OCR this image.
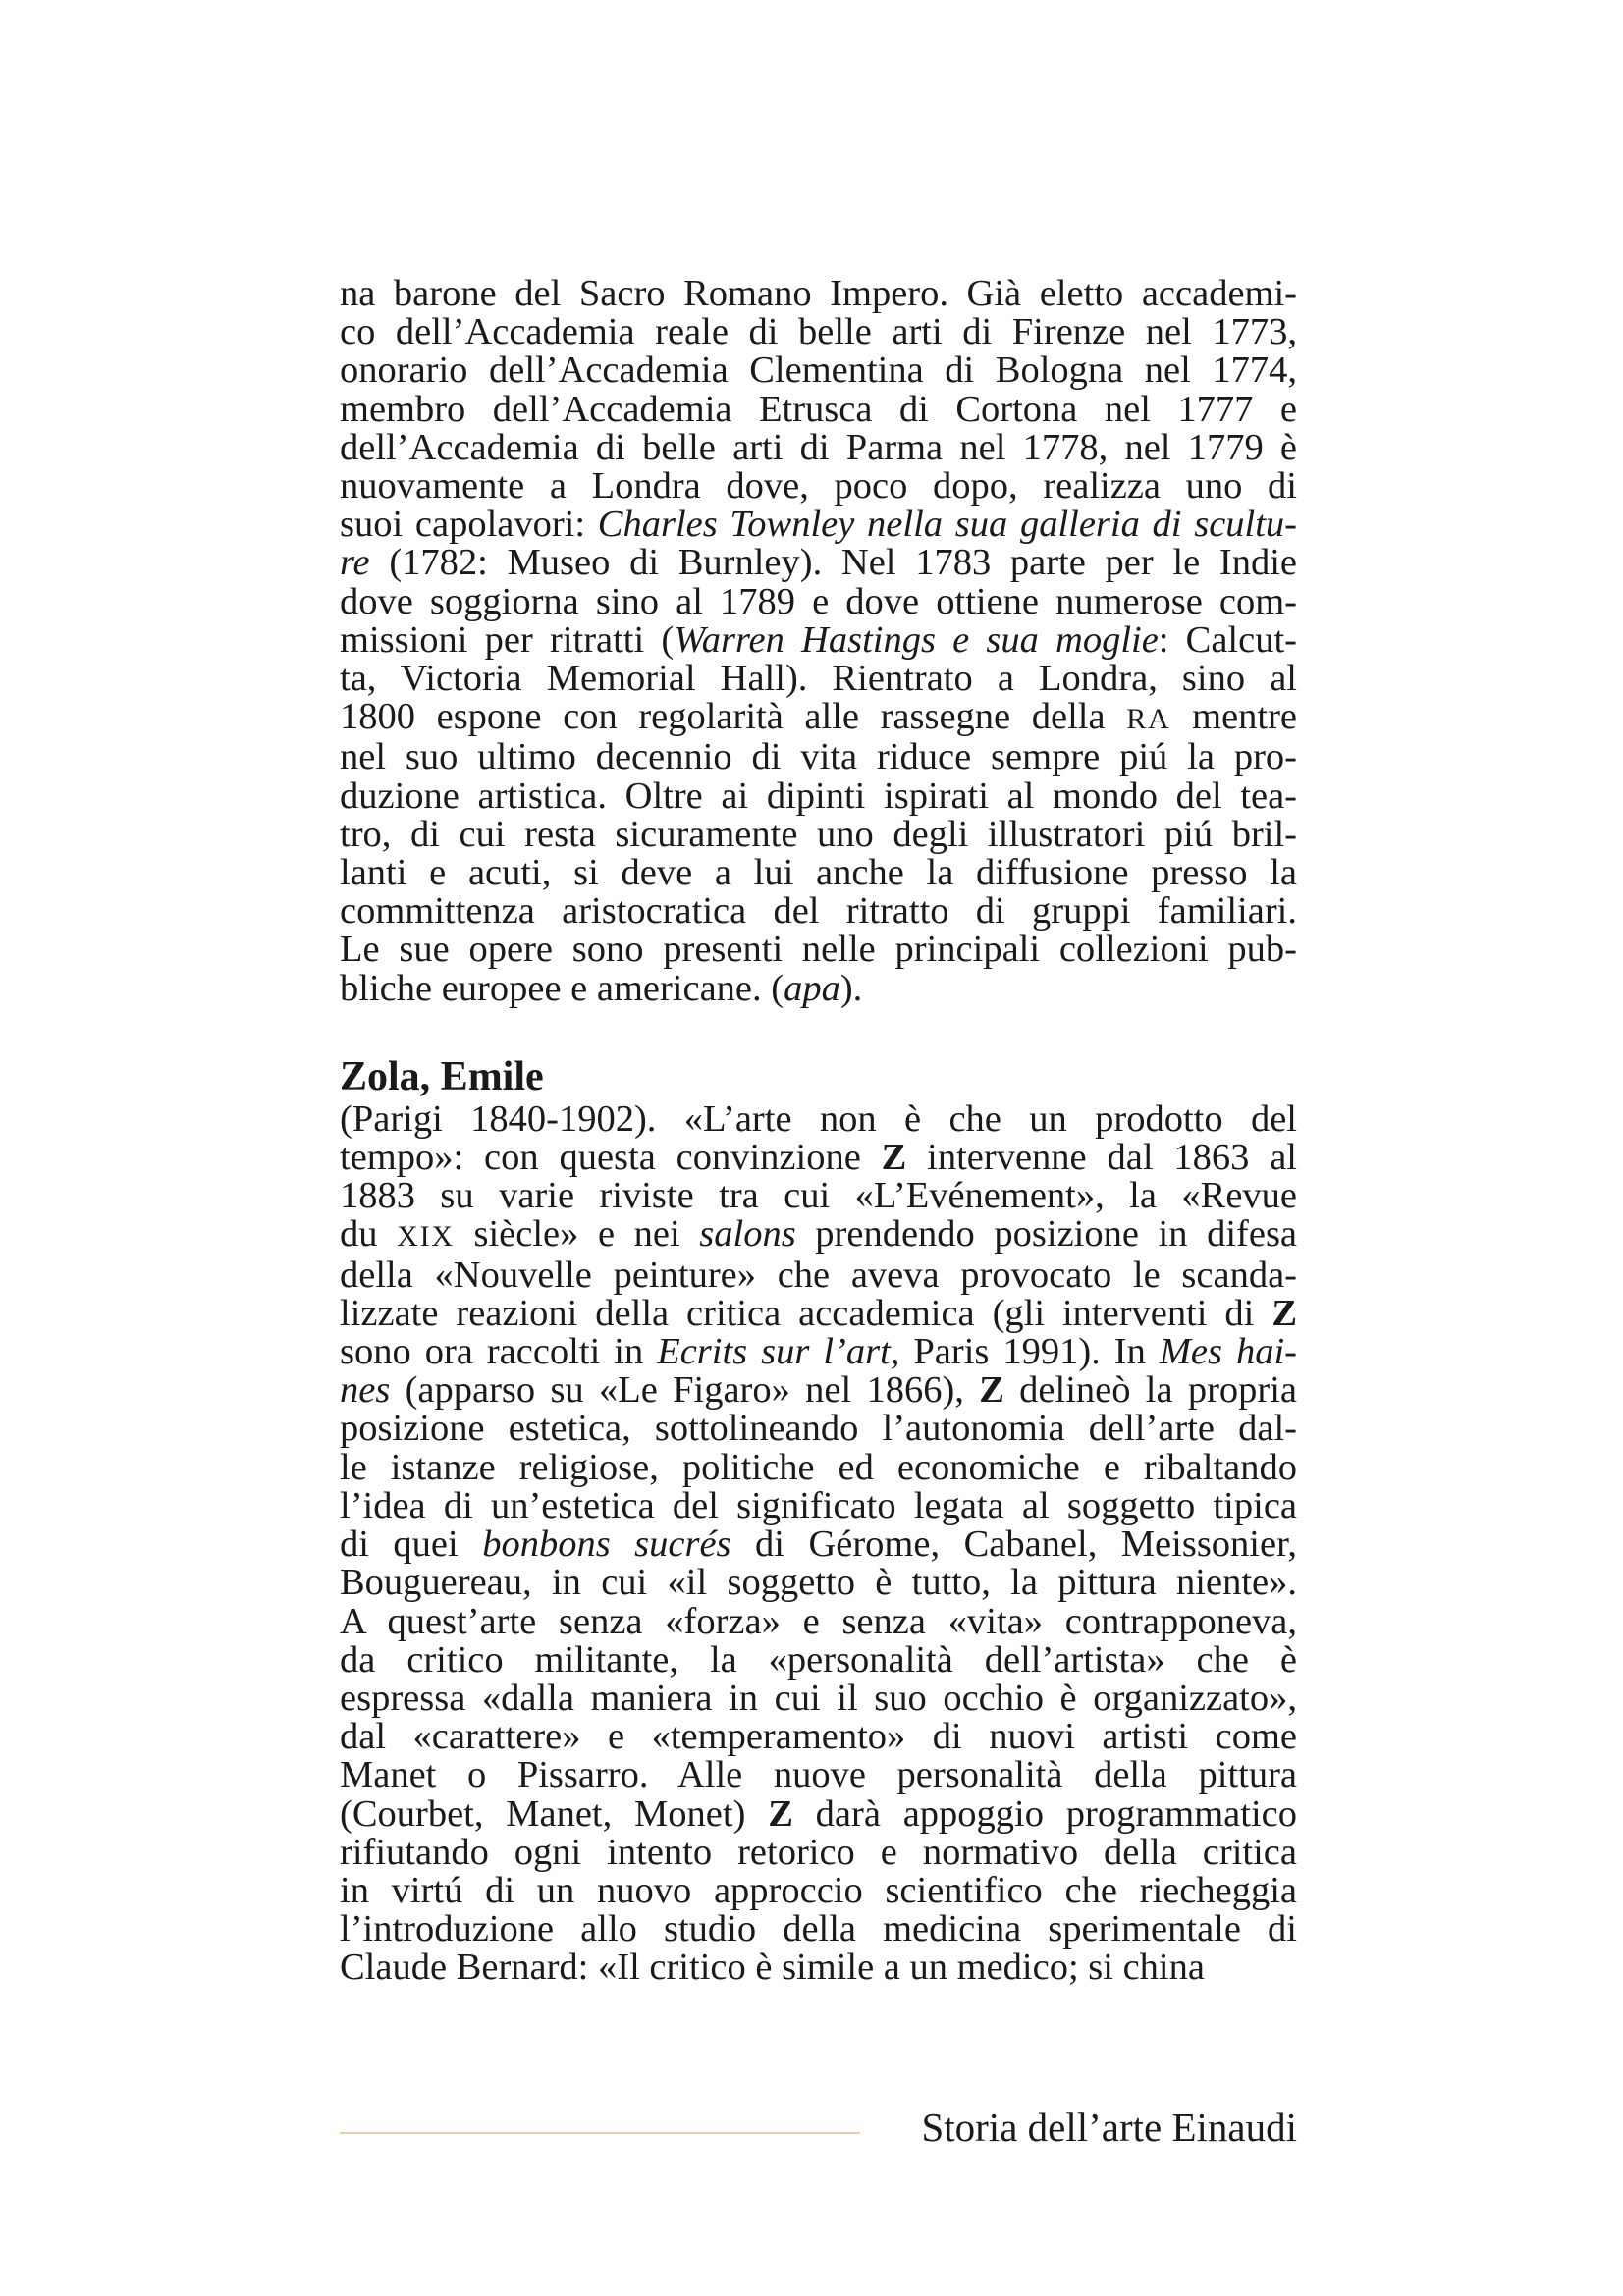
na barone del Sacro Romano Impero. Già eletto accademi-
co dell’Accademia reale di belle arti di Firenze nel 1773,
onorario dell’Accademia Clementina di Bologna nel 1774,
membro dell’Accademia Etrusca di Cortona nel 1777 e
dell’Accademia di belle arti di Parma nel 1778, nel 1779 è
nuovamente a Londra dove, poco dopo, realizza uno di
suoi capolavori: Charles Townley nella sua galleria di scultu-
re (1782: Museo di Burnley). Nel 1783 parte per le Indie
dove soggiorna sino al 1789 e dove ottiene numerose com-
missioni per ritratti (Warren Hastings e sua moglie: Calcut-
ta, Victoria Memorial Hall). Rientrato a Londra, sino al
1800 espone con regolarità alle rassegne della RA mentre
nel suo ultimo decennio di vita riduce sempre piú la pro-
duzione artistica. Oltre ai dipinti ispirati al mondo del tea-
tro, di cui resta sicuramente uno degli illustratori piú bril-
lanti e acuti, si deve a lui anche la diffusione presso la
committenza aristocratica del ritratto di gruppi familiari.
Le sue opere sono presenti nelle principali collezioni pub-
bliche europee e americane. (apa).
Zola, Emile
(Parigi 1840-1902). «L’arte non è che un prodotto del
tempo»: con questa convinzione Z intervenne dal 1863 al
1883 su varie riviste tra cui «L’Evénement», la «Revue
du XIX siècle» e nei salons prendendo posizione in difesa
della «Nouvelle peinture» che aveva provocato le scanda-
lizzate reazioni della critica accademica (gli interventi di Z
sono ora raccolti in Ecrits sur l’art, Paris 1991). In Mes hai-
nes (apparso su «Le Figaro» nel 1866), Z delineò la propria
posizione estetica, sottolineando l’autonomia dell’arte dal-
le istanze religiose, politiche ed economiche e ribaltando
l’idea di un’estetica del significato legata al soggetto tipica
di quei bonbons sucrés di Gérome, Cabanel, Meissonier,
Bouguereau, in cui «il soggetto è tutto, la pittura niente».
A quest’arte senza «forza» e senza «vita» contrapponeva,
da critico militante, la «personalità dell’artista» che è
espressa «dalla maniera in cui il suo occhio è organizzato»,
dal «carattere» e «temperamento» di nuovi artisti come
Manet o Pissarro. Alle nuove personalità della pittura
(Courbet, Manet, Monet) Z darà appoggio programmatico
rifiutando ogni intento retorico e normativo della critica
in virtú di un nuovo approccio scientifico che riecheggia
l’introduzione allo studio della medicina sperimentale di
Claude Bernard: «Il critico è simile a un medico; si china
Storia dell’arte Einaudi
